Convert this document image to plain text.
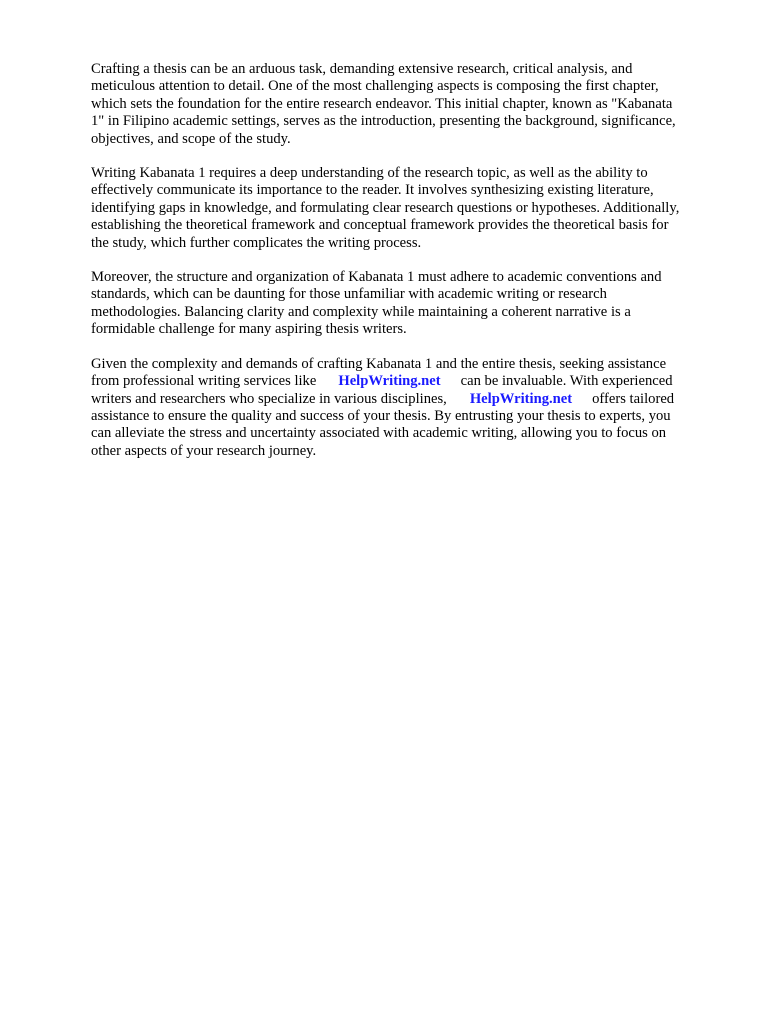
Crafting a thesis can be an arduous task, demanding extensive research, critical analysis, and
meticulous attention to detail. One of the most challenging aspects is composing the first chapter,
which sets the foundation for the entire research endeavor. This initial chapter, known as "Kabanata
1" in Filipino academic settings, serves as the introduction, presenting the background, significance,
objectives, and scope of the study.

Writing Kabanata 1 requires a deep understanding of the research topic, as well as the ability to
effectively communicate its importance to the reader. It involves synthesizing existing literature,
identifying gaps in knowledge, and formulating clear research questions or hypotheses. Additionally,
establishing the theoretical framework and conceptual framework provides the theoretical basis for
the study, which further complicates the writing process.

Moreover, the structure and organization of Kabanata 1 must adhere to academic conventions and
standards, which can be daunting for those unfamiliar with academic writing or research
methodologies. Balancing clarity and complexity while maintaining a coherent narrative is a
formidable challenge for many aspiring thesis writers.

Given the complexity and demands of crafting Kabanata 1 and the entire thesis, seeking assistance
from professional writing services like HelpWriting.net can be invaluable. With experienced
writers and researchers who specialize in various disciplines, HelpWriting.net offers tailored
assistance to ensure the quality and success of your thesis. By entrusting your thesis to experts, you
can alleviate the stress and uncertainty associated with academic writing, allowing you to focus on
other aspects of your research journey.
